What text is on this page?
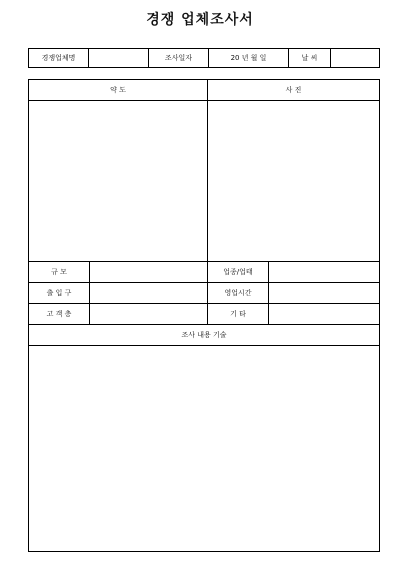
경쟁 업체조사서
경쟁업체명	조사일자	20 년 월 일	날 씨
약 도	사 진
규 모	업종/업태
출 입 구	영업시간
고 객 층	기 타
조사 내용 기술
